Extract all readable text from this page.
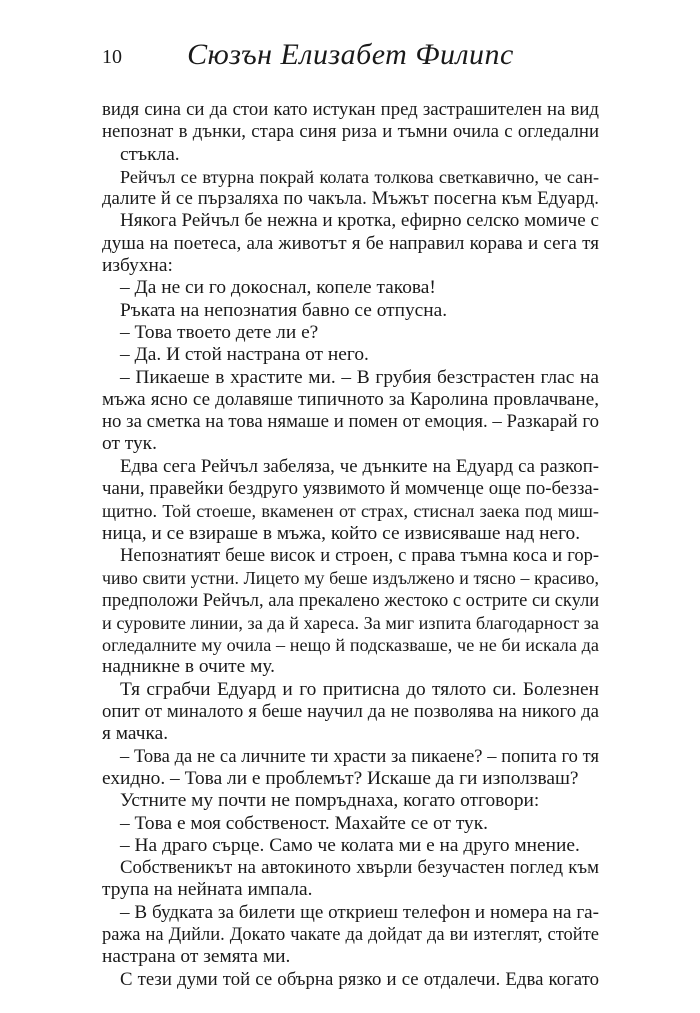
10	Сюзън Елизабет Филипс
видя сина си да стои като истукан пред застрашителен на вид
непознат в дънки, стара синя риза и тъмни очила с огледални
стъкла.
Рейчъл се втурна покрай колата толкова светкавично, че сан-
далите й се пързаляха по чакъла. Мъжът посегна към Едуард.
Някога Рейчъл бе нежна и кротка, ефирно селско момиче с
душа на поетеса, ала животът я бе направил корава и сега тя
избухна:
– Да не си го докоснал, копеле такова!
Ръката на непознатия бавно се отпусна.
– Това твоето дете ли е?
– Да. И стой настрана от него.
– Пикаеше в храстите ми. – В грубия безстрастен глас на
мъжа ясно се долавяше типичното за Каролина провлачване,
но за сметка на това нямаше и помен от емоция. – Разкарай го
от тук.
Едва сега Рейчъл забеляза, че дънките на Едуард са разкоп-
чани, правейки бездруго уязвимото й момченце още по-безза-
щитно. Той стоеше, вкаменен от страх, стиснал заека под миш-
ница, и се взираше в мъжа, който се извисяваше над него.
Непознатият беше висок и строен, с права тъмна коса и гор-
чиво свити устни. Лицето му беше издължено и тясно – красиво,
предположи Рейчъл, ала прекалено жестоко с острите си скули
и суровите линии, за да й хареса. За миг изпита благодарност за
огледалните му очила – нещо й подсказваше, че не би искала да
надникне в очите му.
Тя сграбчи Едуард и го притисна до тялото си. Болезнен
опит от миналото я беше научил да не позволява на никого да
я мачка.
– Това да не са личните ти храсти за пикаене? – попита го тя
ехидно. – Това ли е проблемът? Искаше да ги използваш?
Устните му почти не помръднаха, когато отговори:
– Това е моя собственост. Махайте се от тук.
– На драго сърце. Само че колата ми е на друго мнение.
Собственикът на автокиното хвърли безучастен поглед към
трупа на нейната импала.
– В будката за билети ще откриеш телефон и номера на га-
ража на Дийли. Докато чакате да дойдат да ви изтеглят, стойте
настрана от земята ми.
С тези думи той се обърна рязко и се отдалечи. Едва когато
